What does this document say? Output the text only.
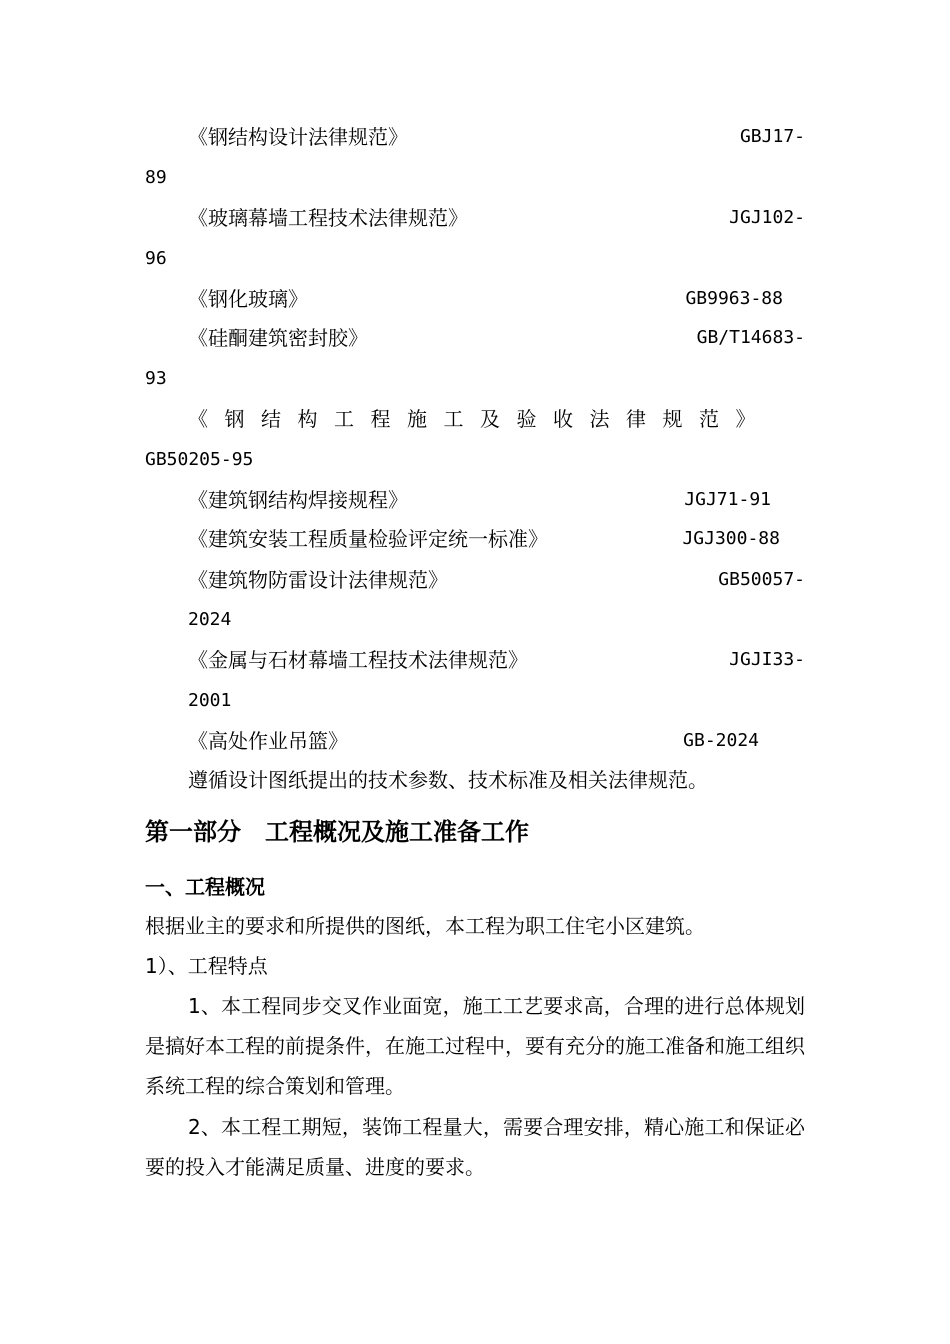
《钢结构设计法律规范》	GBJ17-
89
《玻璃幕墙工程技术法律规范》	JGJ102-
96
《钢化玻璃》	GB9963-88
《硅酮建筑密封胶》	GB/T14683-
93
《钢结构工程施工及验收法律规范》
GB50205-95
《建筑钢结构焊接规程》	JGJ71-91
《建筑安装工程质量检验评定统一标准》	JGJ300-88
《建筑物防雷设计法律规范》	GB50057-
2024
《金属与石材幕墙工程技术法律规范》	JGJI33-
2001
《高处作业吊篮》	GB-2024
遵循设计图纸提出的技术参数、技术标准及相关法律规范。
第一部分　工程概况及施工准备工作
一、工程概况
根据业主的要求和所提供的图纸，本工程为职工住宅小区建筑。
1）、工程特点
1、本工程同步交叉作业面宽，施工工艺要求高，合理的进行总体规划是搞好本工程的前提条件，在施工过程中，要有充分的施工准备和施工组织系统工程的综合策划和管理。
2、本工程工期短，装饰工程量大，需要合理安排，精心施工和保证必要的投入才能满足质量、进度的要求。
